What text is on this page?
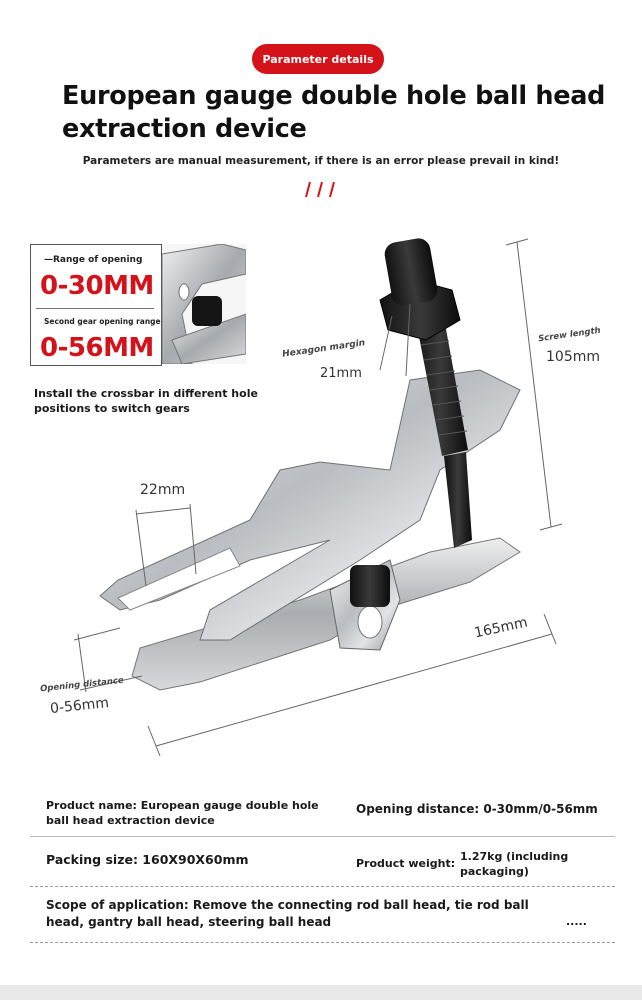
Parameter details
European gauge double hole ball head
extraction device
Parameters are manual measurement, if there is an error please prevail in kind!
—Range of opening
0-30MM
Second gear opening range
0-56MM
Install the crossbar in different hole positions to switch gears
Hexagon margin
21mm
Screw length
105mm
22mm
165mm
Opening distance
0-56mm
Product name: European gauge double hole ball head extraction device
Opening distance: 0-30mm/0-56mm
Packing size: 160X90X60mm	Product weight:
1.27kg (including packaging)
Scope of application: Remove the connecting rod ball head, tie rod ball head, gantry ball head, steering ball head	.....
